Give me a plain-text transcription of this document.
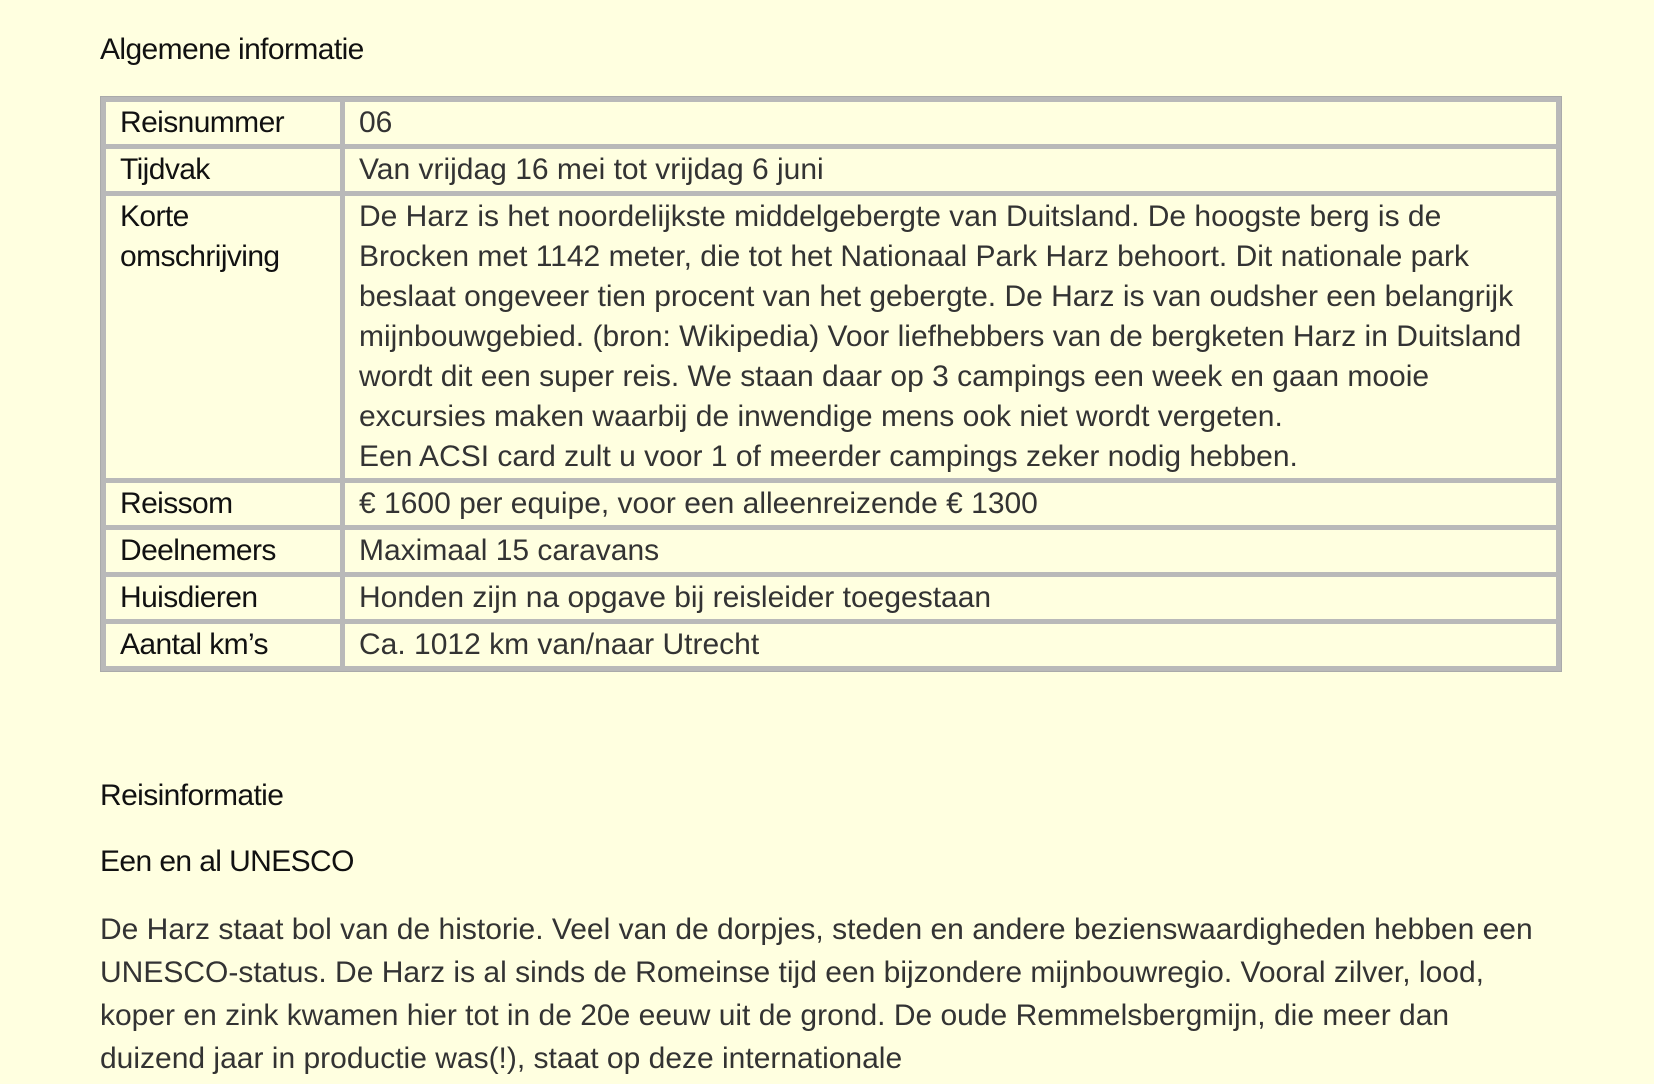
Algemene informatie
Reisnummer	06
Tijdvak	Van vrijdag 16 mei tot vrijdag 6 juni
Korte omschrijving	De Harz is het noordelijkste middelgebergte van Duitsland. De hoogste berg is de Brocken met 1142 meter, die tot het Nationaal Park Harz behoort. Dit nationale park beslaat ongeveer tien procent van het gebergte. De Harz is van oudsher een belangrijk mijnbouwgebied. (bron: Wikipedia) Voor liefhebbers van de bergketen Harz in Duitsland wordt dit een super reis. We staan daar op 3 campings een week en gaan mooie excursies maken waarbij de inwendige mens ook niet wordt vergeten.
Een ACSI card zult u voor 1 of meerder campings zeker nodig hebben.

Reissom	€ 1600 per equipe, voor een alleenreizende € 1300
Deelnemers	Maximaal 15 caravans
Huisdieren	Honden zijn na opgave bij reisleider toegestaan
Aantal km’s	Ca. 1012 km van/naar Utrecht
Reisinformatie
Een en al UNESCO

De Harz staat bol van de historie. Veel van de dorpjes, steden en andere bezienswaardigheden hebben een UNESCO-status. De Harz is al sinds de Romeinse tijd een bijzondere mijnbouwregio. Vooral zilver, lood, koper en zink kwamen hier tot in de 20e eeuw uit de grond. De oude Remmelsbergmijn, die meer dan duizend jaar in productie was(!), staat op deze internationale
